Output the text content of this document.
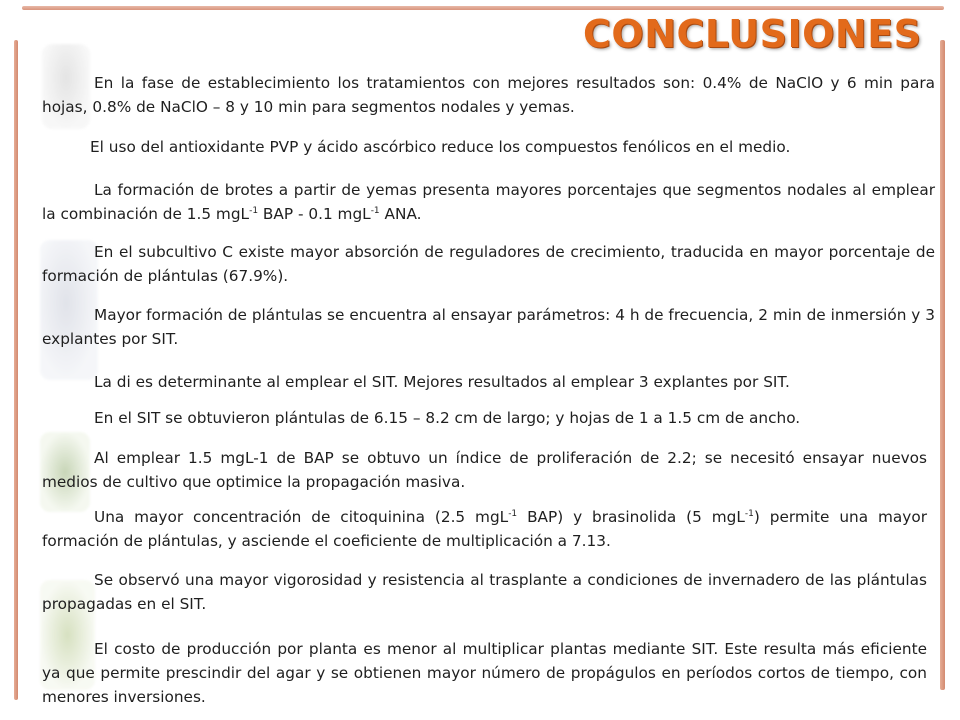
CONCLUSIONES

En la fase de establecimiento los tratamientos con mejores resultados son: 0.4% de NaClO y 6 min para hojas, 0.8% de NaClO – 8 y 10 min para segmentos nodales y yemas.

El uso del antioxidante PVP y ácido ascórbico reduce los compuestos fenólicos en el medio.

La formación de brotes a partir de yemas presenta mayores porcentajes que segmentos nodales al emplear la combinación de 1.5 mgL$^{-1}$ BAP - 0.1 mgL$^{-1}$ ANA.

En el subcultivo C existe mayor absorción de reguladores de crecimiento, traducida en mayor porcentaje de formación de plántulas (67.9%).

Mayor formación de plántulas se encuentra al ensayar parámetros: 4 h de frecuencia, 2 min de inmersión y 3 explantes por SIT.

La di es determinante al emplear el SIT. Mejores resultados al emplear 3 explantes por SIT.

En el SIT se obtuvieron plántulas de 6.15 – 8.2 cm de largo; y hojas de 1 a 1.5 cm de ancho.

Al emplear 1.5 mgL-1 de BAP se obtuvo un índice de proliferación de 2.2; se necesitó ensayar nuevos medios de cultivo que optimice la propagación masiva.

Una mayor concentración de citoquinina (2.5 mgL$^{-1}$ BAP) y brasinolida (5 mgL$^{-1}$) permite una mayor formación de plántulas, y asciende el coeficiente de multiplicación a 7.13.

Se observó una mayor vigorosidad y resistencia al trasplante a condiciones de invernadero de las plántulas propagadas en el SIT.

El costo de producción por planta es menor al multiplicar plantas mediante SIT. Este resulta más eficiente ya que permite prescindir del agar y se obtienen mayor número de propágulos en períodos cortos de tiempo, con menores inversiones.
